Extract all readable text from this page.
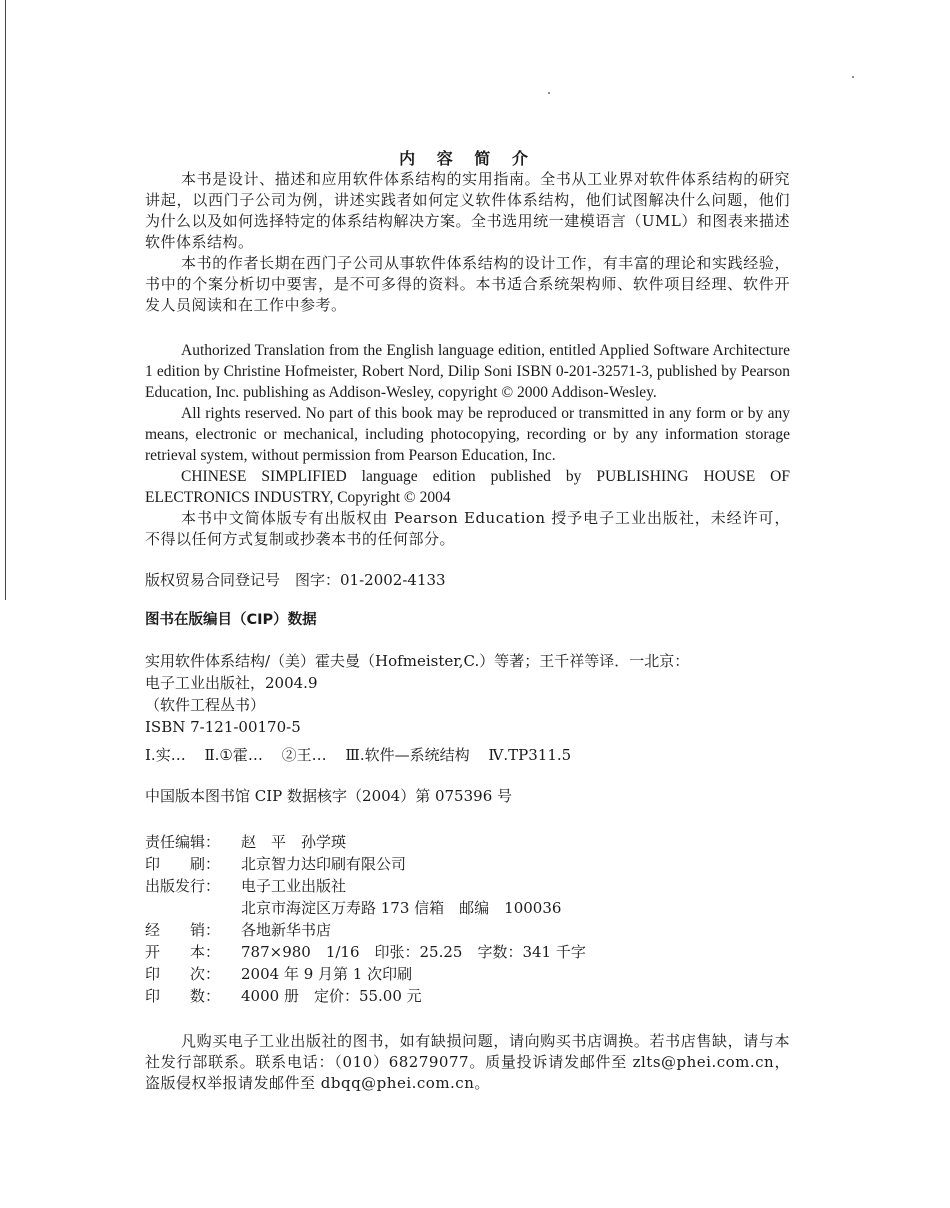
内 容 简 介

本书是设计、描述和应用软件体系结构的实用指南。全书从工业界对软件体系结构的研究讲起，以西门子公司为例，讲述实践者如何定义软件体系结构，他们试图解决什么问题，他们为什么以及如何选择特定的体系结构解决方案。全书选用统一建模语言（UML）和图表来描述软件体系结构。

本书的作者长期在西门子公司从事软件体系结构的设计工作，有丰富的理论和实践经验，书中的个案分析切中要害，是不可多得的资料。本书适合系统架构师、软件项目经理、软件开发人员阅读和在工作中参考。

Authorized Translation from the English language edition, entitled Applied Software Architecture 1 edition by Christine Hofmeister, Robert Nord, Dilip Soni ISBN 0-201-32571-3, published by Pearson Education, Inc. publishing as Addison-Wesley, copyright © 2000 Addison-Wesley.

All rights reserved. No part of this book may be reproduced or transmitted in any form or by any means, electronic or mechanical, including photocopying, recording or by any information storage retrieval system, without permission from Pearson Education, Inc.

CHINESE SIMPLIFIED language edition published by PUBLISHING HOUSE OF ELECTRONICS INDUSTRY, Copyright © 2004

本书中文简体版专有出版权由 Pearson Education 授予电子工业出版社，未经许可，不得以任何方式复制或抄袭本书的任何部分。

版权贸易合同登记号　图字：01-2002-4133

图书在版编目（CIP）数据

实用软件体系结构/（美）霍夫曼（Hofmeister,C.）等著；王千祥等译．一北京：

电子工业出版社，2004.9

（软件工程丛书）

ISBN 7-121-00170-5

Ⅰ.实… Ⅱ.①霍… ②王… Ⅲ.软件—系统结构 Ⅳ.TP311.5

中国版本图书馆 CIP 数据核字（2004）第 075396 号

责任编辑：	赵　平　孙学瑛
印　　刷：	北京智力达印刷有限公司
出版发行：	电子工业出版社
北京市海淀区万寿路 173 信箱　邮编　100036
经　　销：	各地新华书店
开　　本：	787×980　1/16　印张：25.25　字数：341 千字
印　　次：	2004 年 9 月第 1 次印刷
印　　数：	4000 册　定价：55.00 元

凡购买电子工业出版社的图书，如有缺损问题，请向购买书店调换。若书店售缺，请与本社发行部联系。联系电话：（010）68279077。质量投诉请发邮件至 zlts@phei.com.cn，盗版侵权举报请发邮件至 dbqq@phei.com.cn。
